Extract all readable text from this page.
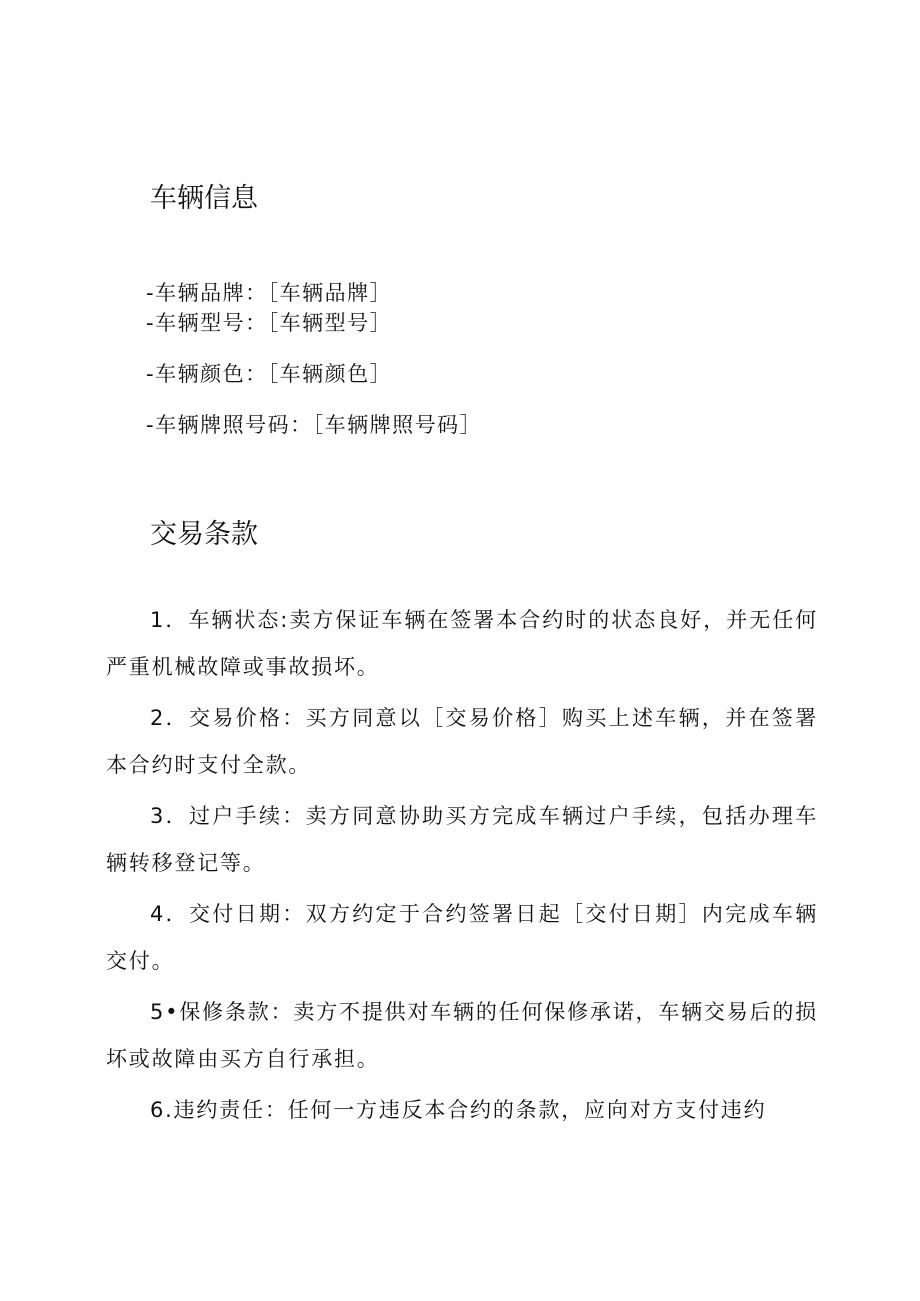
车辆信息
-车辆品牌：［车辆品牌］
-车辆型号：［车辆型号］
-车辆颜色：［车辆颜色］
-车辆牌照号码：［车辆牌照号码］
交易条款

1．车辆状态:卖方保证车辆在签署本合约时的状态良好，并无任何严重机械故障或事故损坏。

2．交易价格：买方同意以［交易价格］购买上述车辆，并在签署本合约时支付全款。

3．过户手续：卖方同意协助买方完成车辆过户手续，包括办理车辆转移登记等。

4．交付日期：双方约定于合约签署日起［交付日期］内完成车辆交付。

5•保修条款：卖方不提供对车辆的任何保修承诺，车辆交易后的损坏或故障由买方自行承担。

6.违约责任：任何一方违反本合约的条款，应向对方支付违约
